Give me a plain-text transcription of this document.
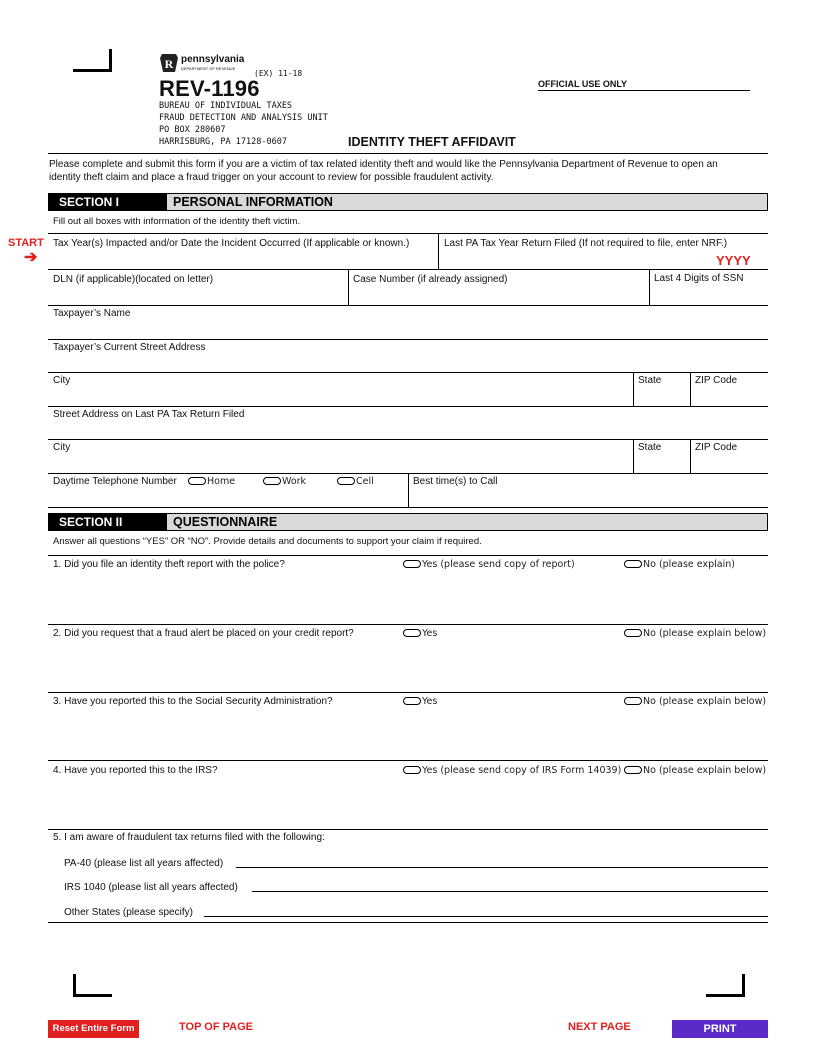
R pennsylvania
DEPARTMENT OF REVENUE
(EX) 11-18
REV-1196
BUREAU OF INDIVIDUAL TAXES
FRAUD DETECTION AND ANALYSIS UNIT
PO BOX 280607
HARRISBURG, PA 17128-0607	IDENTITY THEFT AFFIDAVIT
OFFICIAL USE ONLY
Please complete and submit this form if you are a victim of tax related identity theft and would like the Pennsylvania Department of Revenue to open an
identity theft claim and place a fraud trigger on your account to review for possible fraudulent activity.
SECTION I	PERSONAL INFORMATION
Fill out all boxes with information of the identity theft victim.
START
➔
Tax Year(s) Impacted and/or Date the Incident Occurred (If applicable or known.)	Last PA Tax Year Return Filed (If not required to file, enter NRF.)
YYYY
DLN (if applicable)(located on letter)	Case Number (if already assigned)	Last 4 Digits of SSN
Taxpayer’s Name
Taxpayer’s Current Street Address
City	State	ZIP Code
Street Address on Last PA Tax Return Filed
City	State	ZIP Code
Daytime Telephone Number	Home	Work	Cell	Best time(s) to Call
SECTION II	QUESTIONNAIRE
Answer all questions “YES” OR “NO”. Provide details and documents to support your claim if required.
1. Did you file an identity theft report with the police?	Yes (please send copy of report)	No (please explain)
2. Did you request that a fraud alert be placed on your credit report?	Yes	No (please explain below)
3. Have you reported this to the Social Security Administration?	Yes	No (please explain below)
4. Have you reported this to the IRS?	Yes (please send copy of IRS Form 14039)	No (please explain below)
5. I am aware of fraudulent tax returns filed with the following:
PA-40 (please list all years affected)
IRS 1040 (please list all years affected)
Other States (please specify)
Reset Entire Form	TOP OF PAGE	NEXT PAGE	PRINT
